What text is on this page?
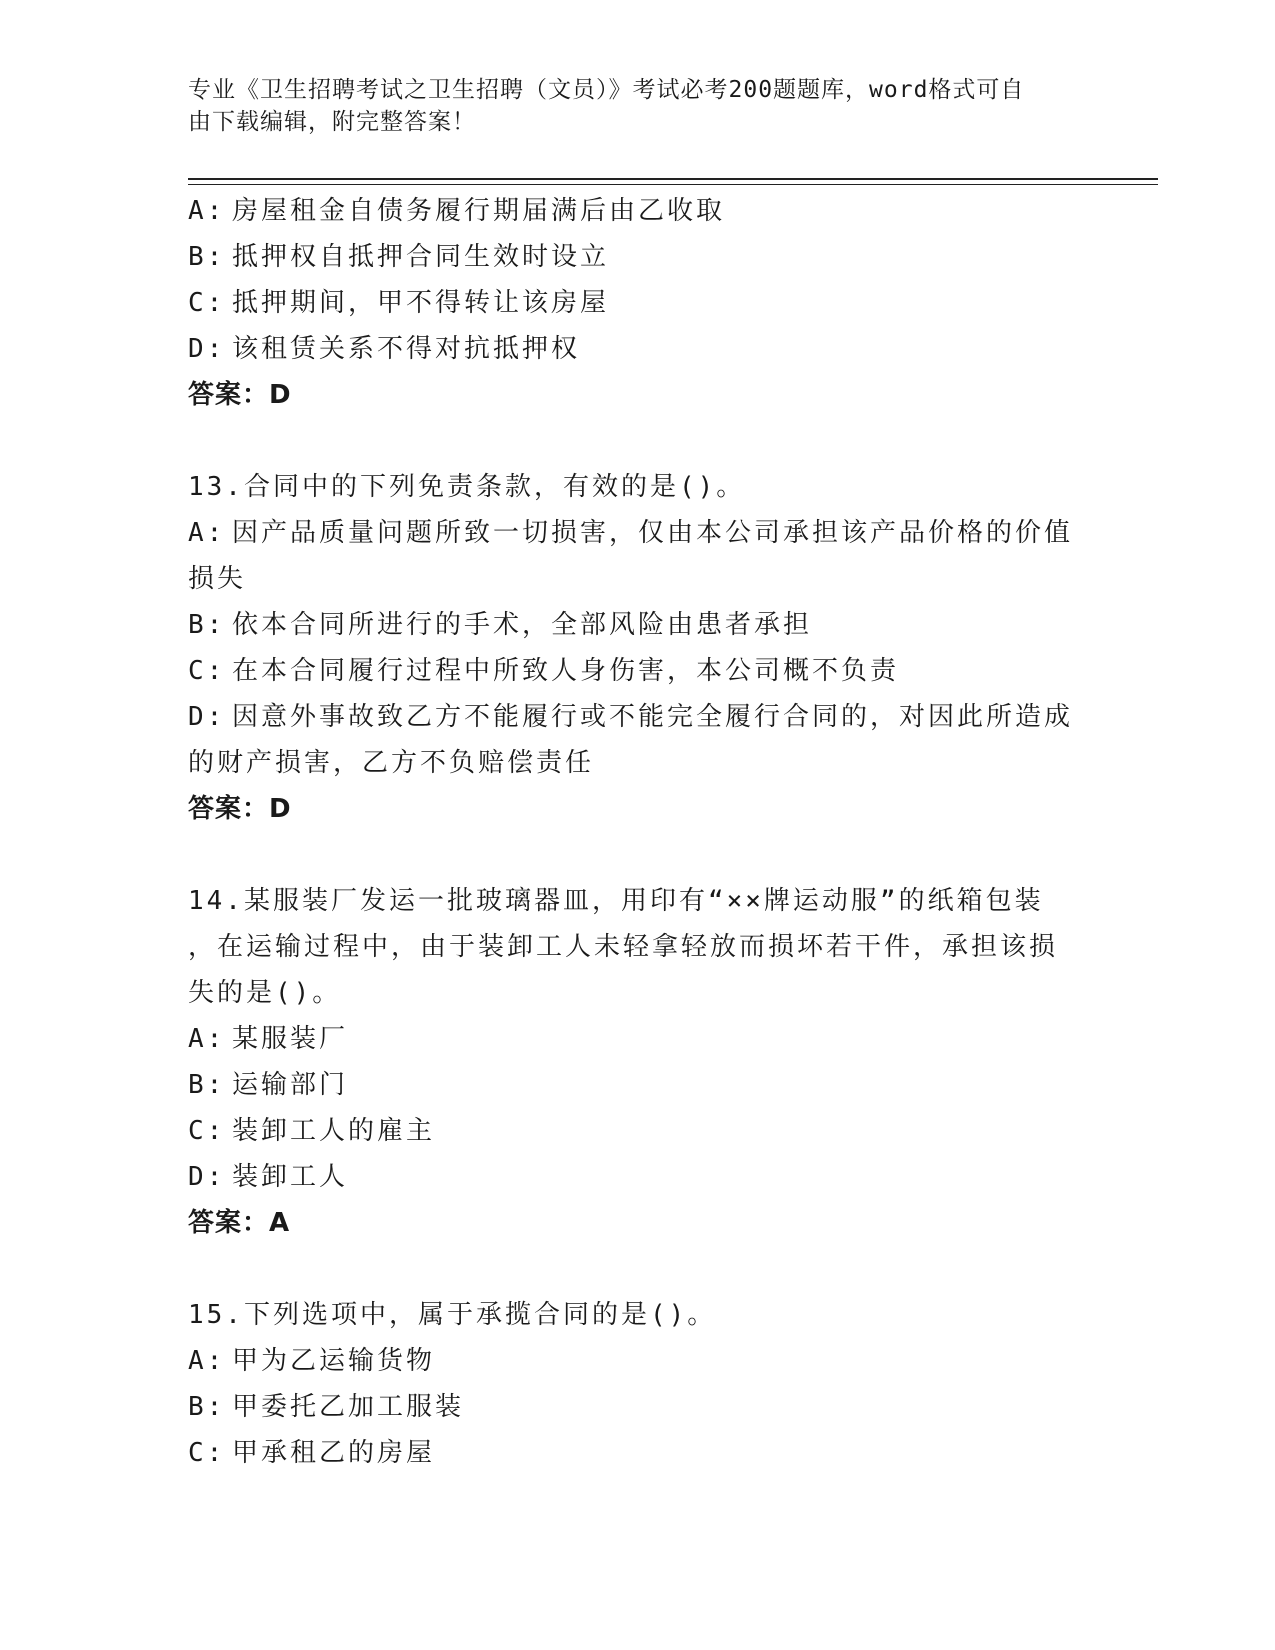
专业《卫生招聘考试之卫生招聘（文员）》考试必考200题题库，word格式可自
由下载编辑，附完整答案！
A: 房屋租金自债务履行期届满后由乙收取
B: 抵押权自抵押合同生效时设立
C: 抵押期间，甲不得转让该房屋
D: 该租赁关系不得对抗抵押权
答案：D
13.合同中的下列免责条款，有效的是()。
A: 因产品质量问题所致一切损害，仅由本公司承担该产品价格的价值
损失
B: 依本合同所进行的手术，全部风险由患者承担
C: 在本合同履行过程中所致人身伤害，本公司概不负责
D: 因意外事故致乙方不能履行或不能完全履行合同的，对因此所造成
的财产损害，乙方不负赔偿责任
答案：D
14.某服装厂发运一批玻璃器皿，用印有“××牌运动服”的纸箱包装
，在运输过程中，由于装卸工人未轻拿轻放而损坏若干件，承担该损
失的是()。
A: 某服装厂
B: 运输部门
C: 装卸工人的雇主
D: 装卸工人
答案：A
15.下列选项中，属于承揽合同的是()。
A: 甲为乙运输货物
B: 甲委托乙加工服装
C: 甲承租乙的房屋
